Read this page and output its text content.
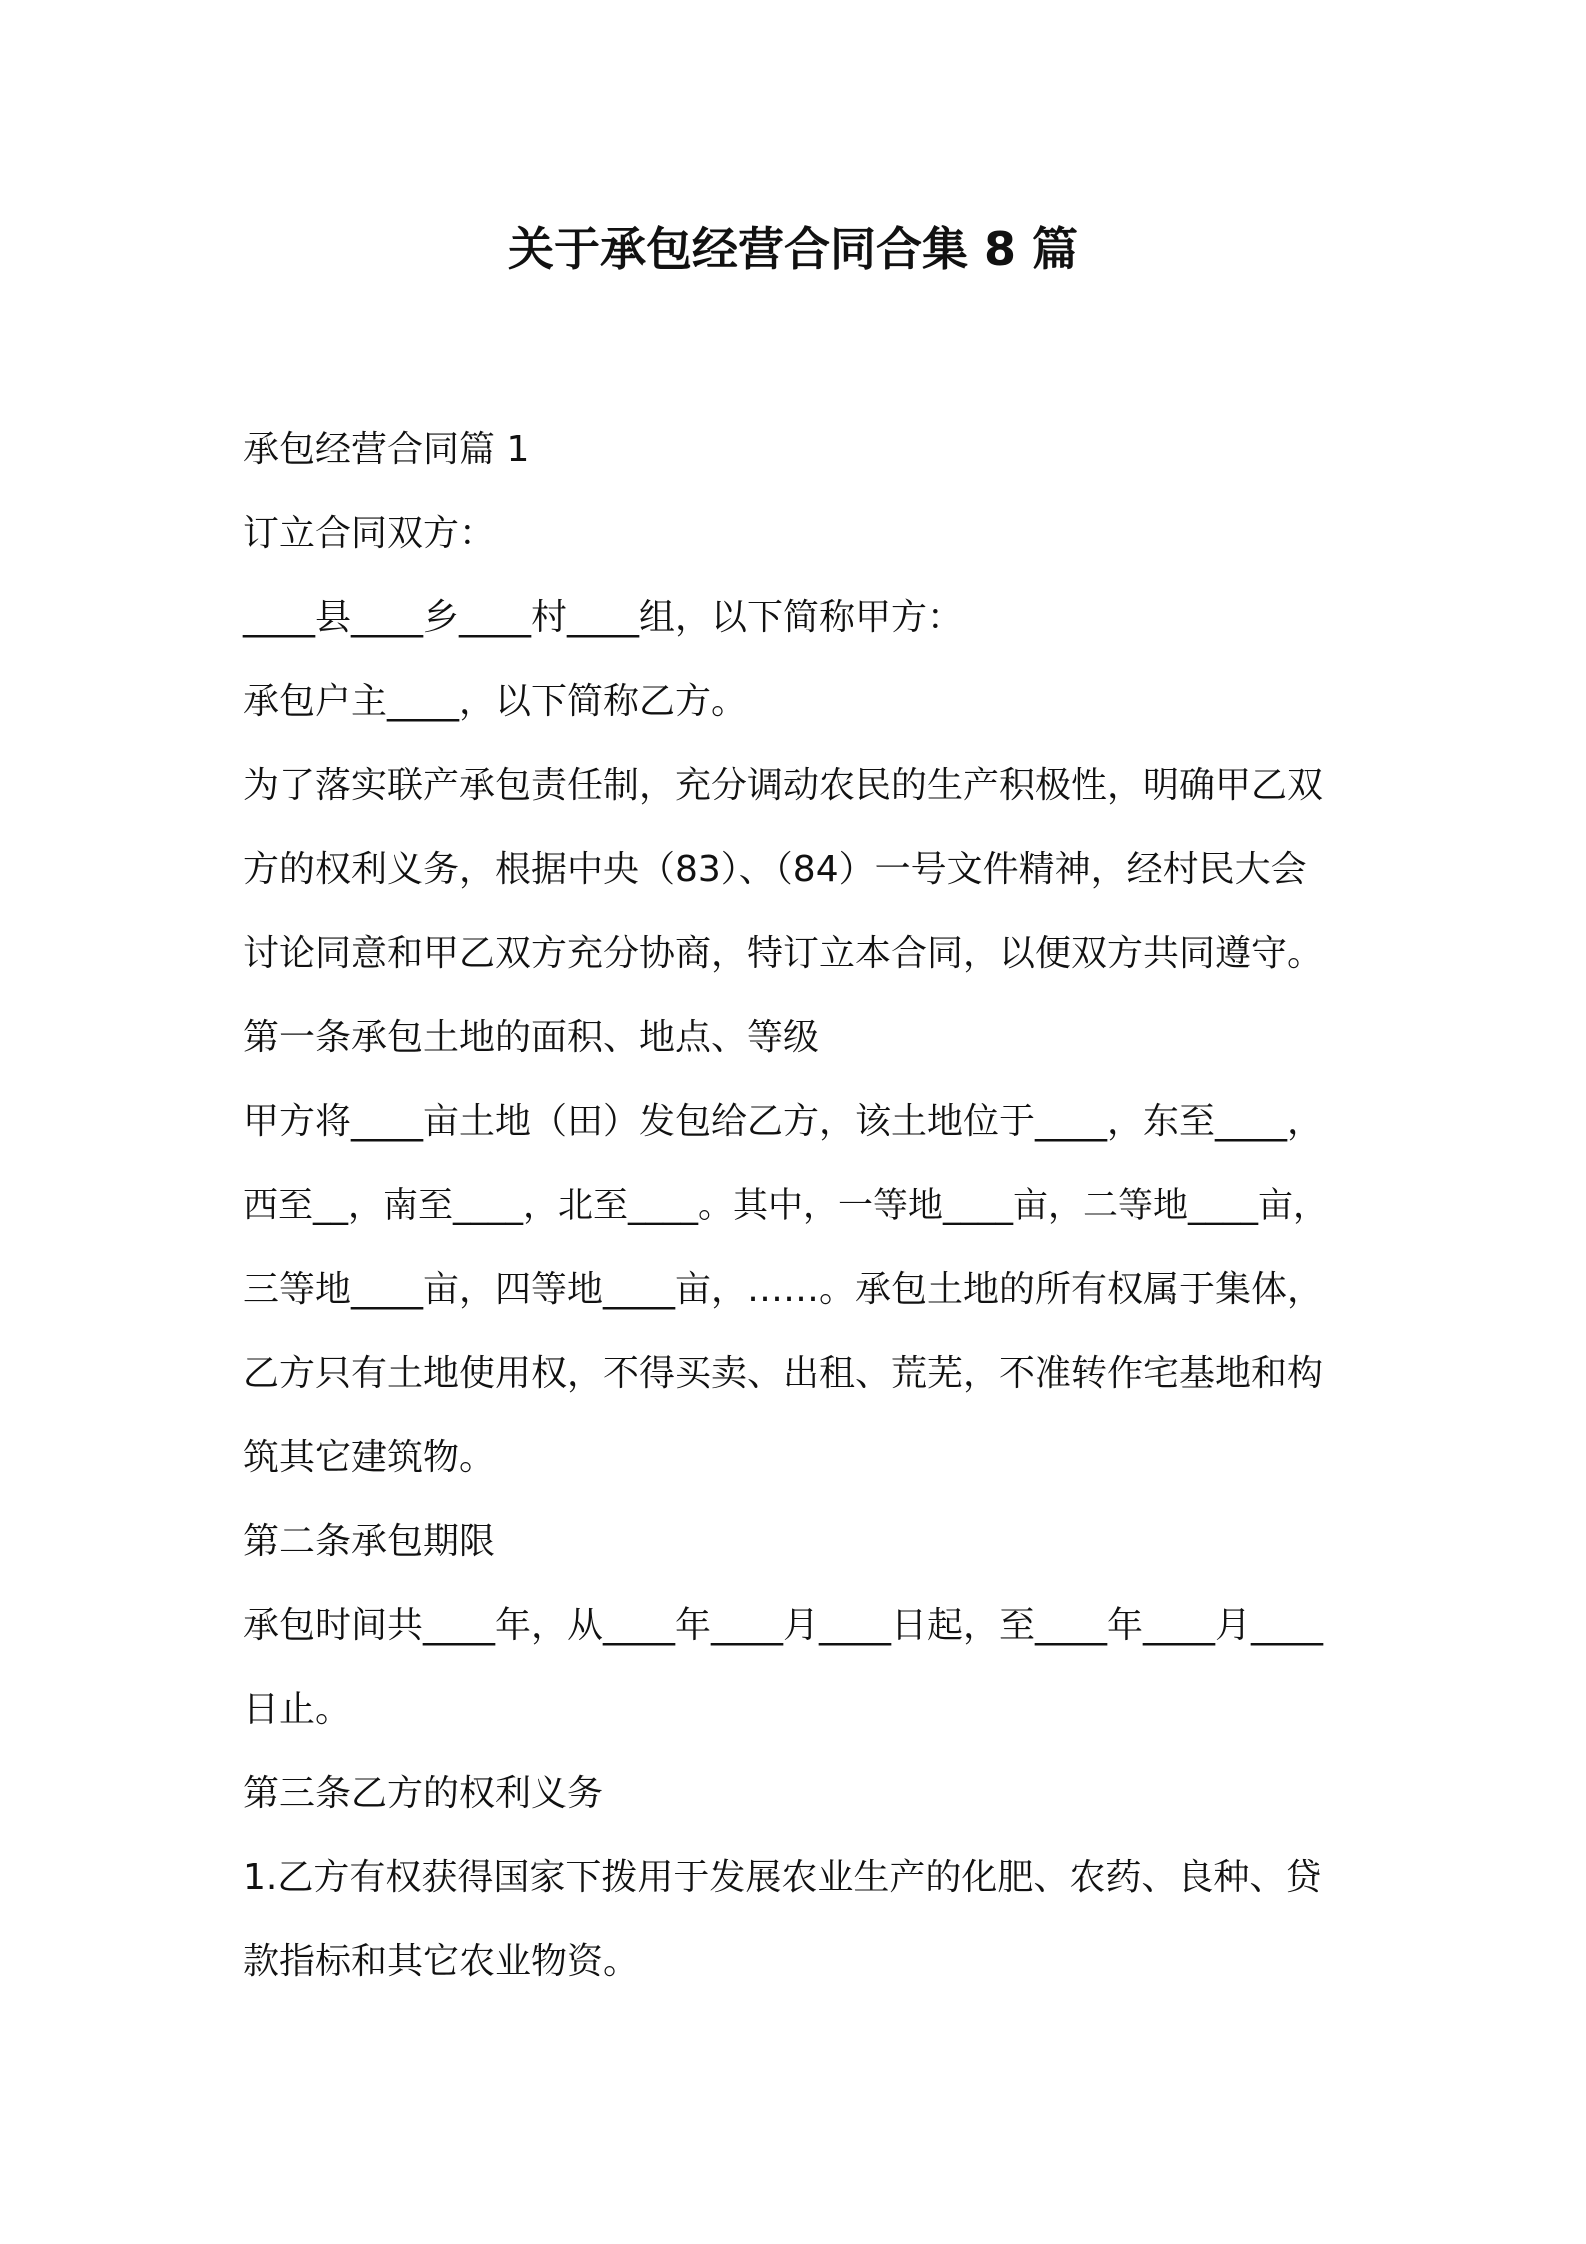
关于承包经营合同合集 8 篇

承包经营合同篇 1

订立合同双方：

____县____乡____村____组，以下简称甲方：

承包户主____，以下简称乙方。

为了落实联产承包责任制，充分调动农民的生产积极性，明确甲乙双

方的权利义务，根据中央（83）、（84）一号文件精神，经村民大会

讨论同意和甲乙双方充分协商，特订立本合同，以便双方共同遵守。

第一条承包土地的面积、地点、等级

甲方将____亩土地（田）发包给乙方，该土地位于____，东至____，

西至__，南至____，北至____。其中，一等地____亩，二等地____亩，

三等地____亩，四等地____亩，……。承包土地的所有权属于集体，

乙方只有土地使用权，不得买卖、出租、荒芜，不准转作宅基地和构

筑其它建筑物。

第二条承包期限

承包时间共____年，从____年____月____日起，至____年____月____

日止。

第三条乙方的权利义务

1.乙方有权获得国家下拨用于发展农业生产的化肥、农药、良种、贷

款指标和其它农业物资。
